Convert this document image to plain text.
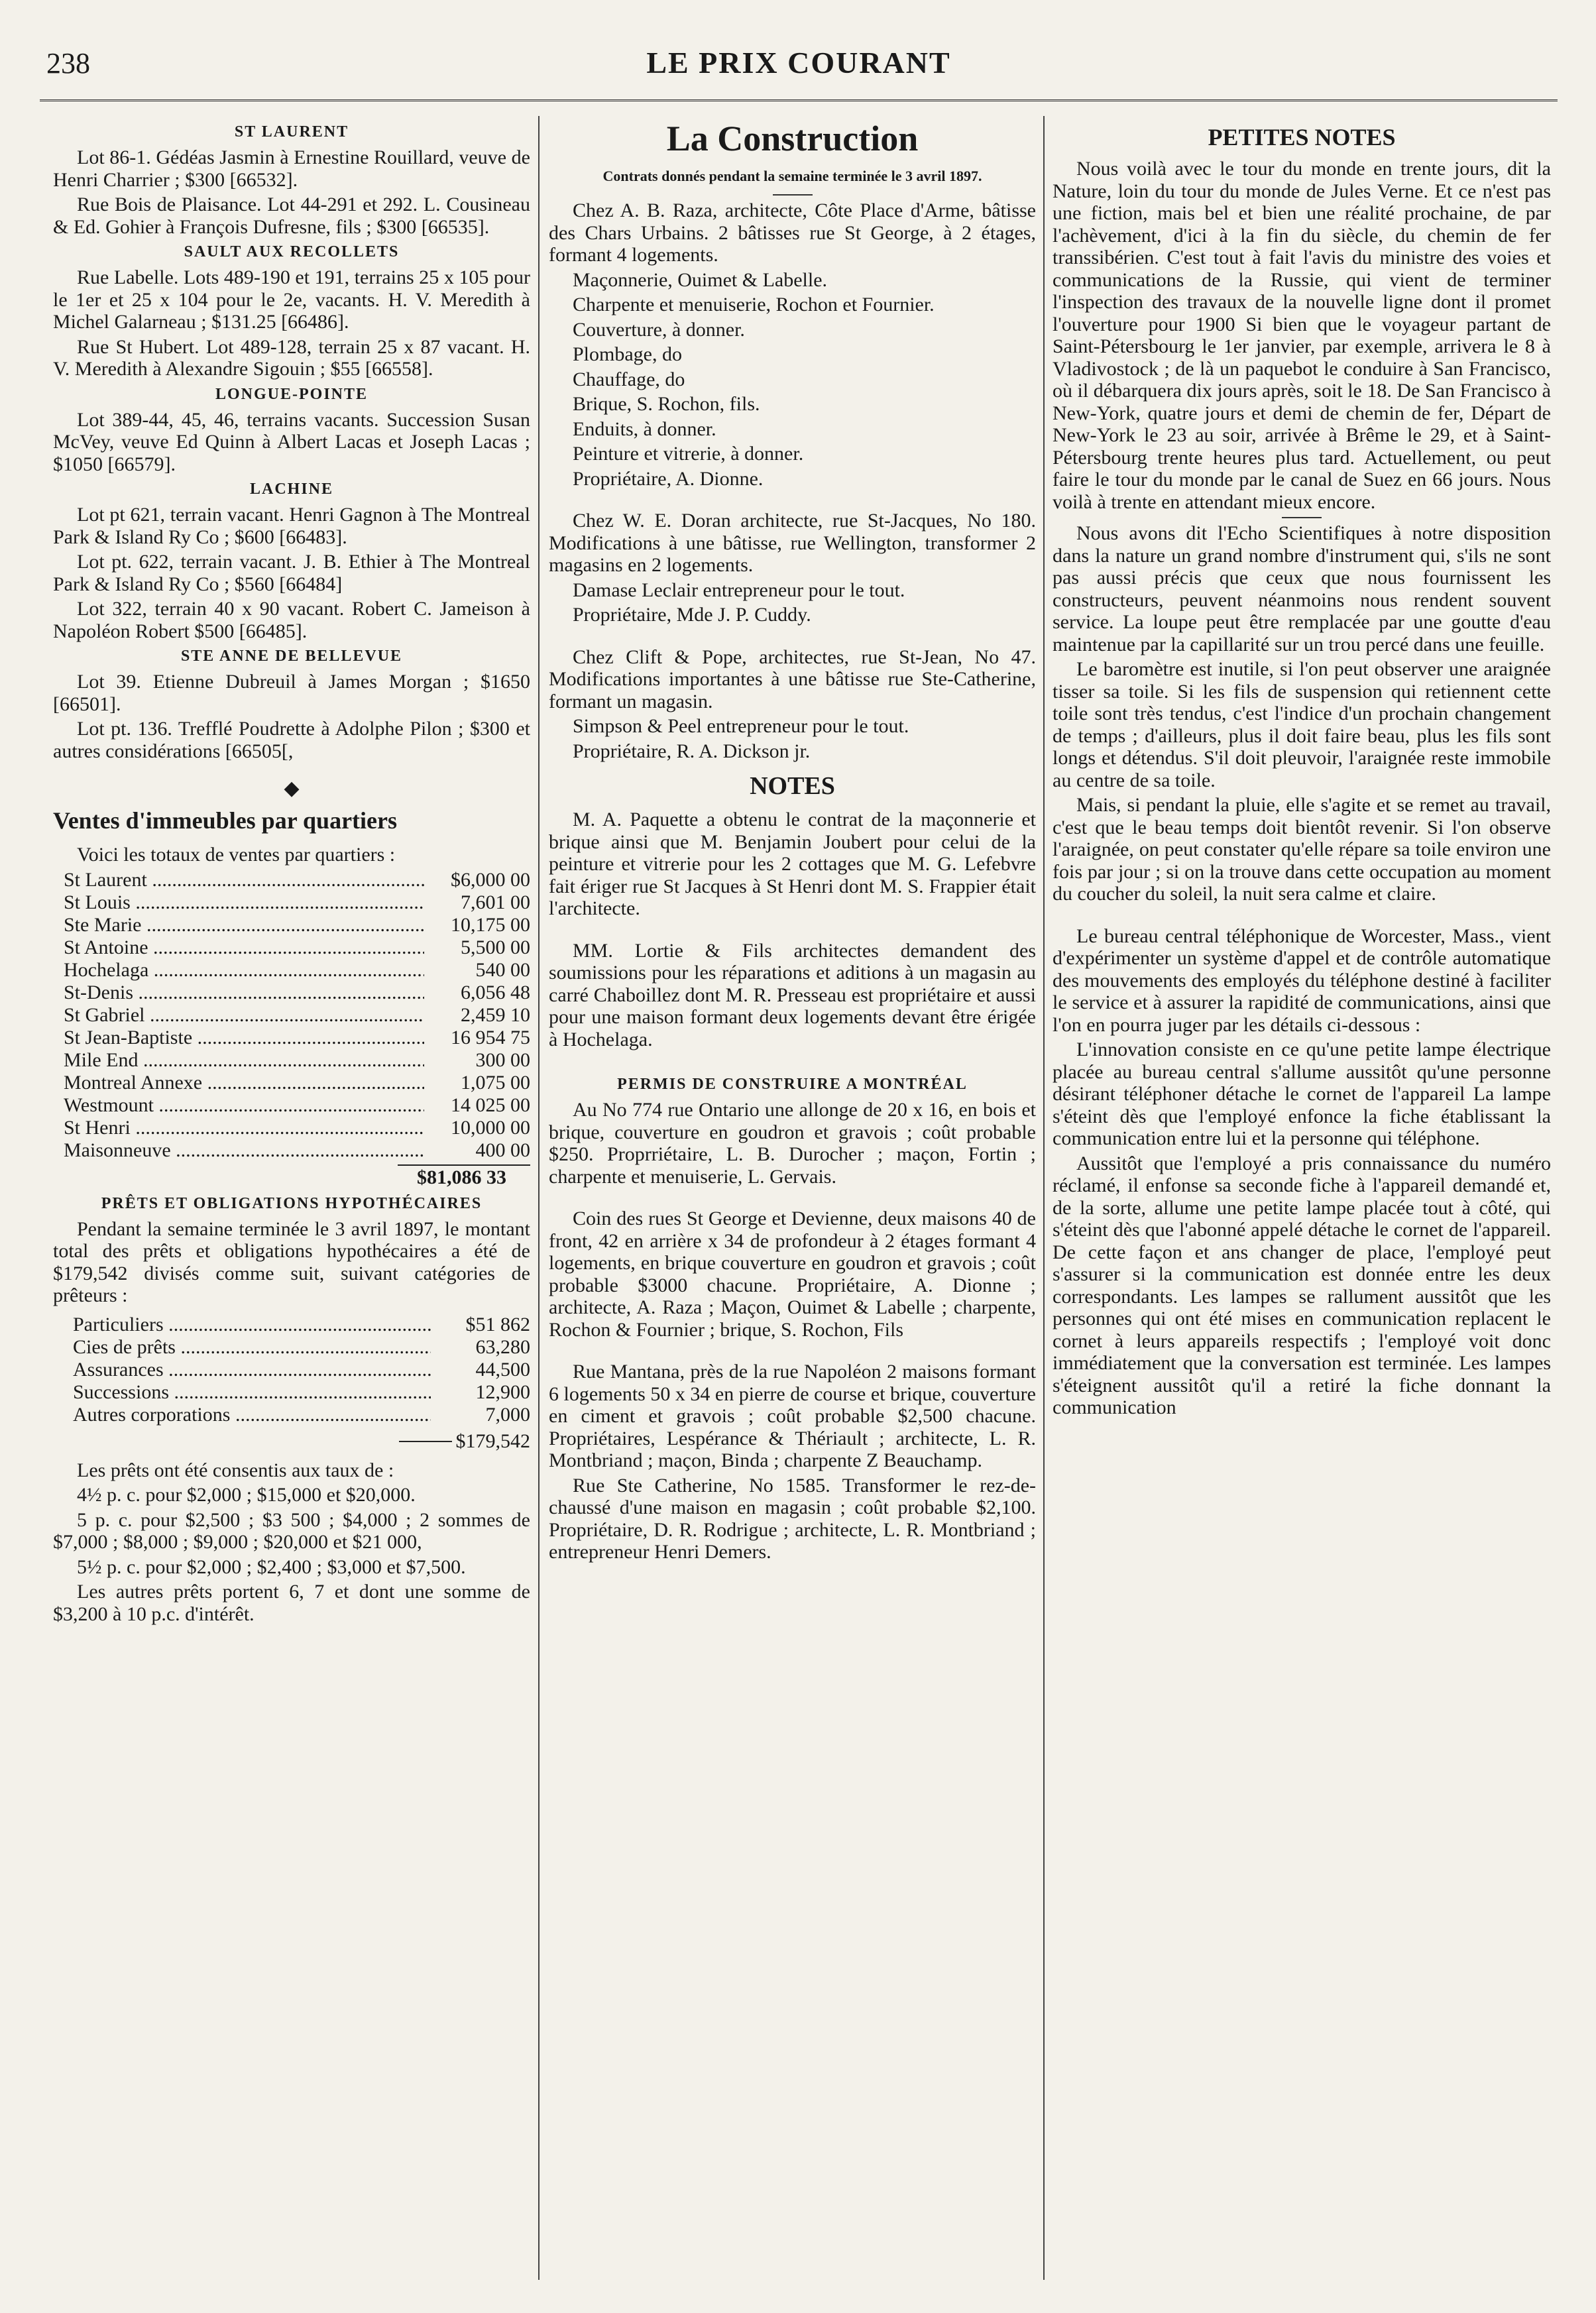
238	LE PRIX COURANT
ST LAURENT

Lot 86-1. Gédéas Jasmin à Ernestine Rouillard, veuve de Henri Charrier ; $300 [66532].

Rue Bois de Plaisance. Lot 44-291 et 292. L. Cousineau & Ed. Gohier à François Dufresne, fils ; $300 [66535].

SAULT AUX RECOLLETS

Rue Labelle. Lots 489-190 et 191, terrains 25 x 105 pour le 1er et 25 x 104 pour le 2e, vacants. H. V. Meredith à Michel Galarneau ; $131.25 [66486].

Rue St Hubert. Lot 489-128, terrain 25 x 87 vacant. H. V. Meredith à Alexandre Sigouin ; $55 [66558].

LONGUE-POINTE

Lot 389-44, 45, 46, terrains vacants. Succession Susan McVey, veuve Ed Quinn à Albert Lacas et Joseph Lacas ; $1050 [66579].

LACHINE

Lot pt 621, terrain vacant. Henri Gagnon à The Montreal Park & Island Ry Co ; $600 [66483].

Lot pt. 622, terrain vacant. J. B. Ethier à The Montreal Park & Island Ry Co ; $560 [66484]

Lot 322, terrain 40 x 90 vacant. Robert C. Jameison à Napoléon Robert $500 [66485].

STE ANNE DE BELLEVUE

Lot 39. Etienne Dubreuil à James Morgan ; $1650 [66501].

Lot pt. 136. Trefflé Poudrette à Adolphe Pilon ; $300 et autres considérations [66505[,

◆
Ventes d'immeubles par quartiers

Voici les totaux de ventes par quartiers :

St Laurent .....	$6,000 00
St Louis .....	7,601 00
Ste Marie .....	10,175 00
St Antoine .....	5,500 00
Hochelaga .....	540 00
St-Denis .....	6,056 48
St Gabriel .....	2,459 10
St Jean-Baptiste .....	16 954 75
Mile End .....	300 00
Montreal Annexe .....	1,075 00
Westmount .....	14 025 00
St Henri .....	10,000 00
Maisonneuve .....	400 00
$81,086 33
PRÊTS ET OBLIGATIONS HYPOTHÉCAIRES

Pendant la semaine terminée le 3 avril 1897, le montant total des prêts et obligations hypothécaires a été de $179,542 divisés comme suit, suivant catégories de prêteurs :

Particuliers .....	$51 862
Cies de prêts .....	63,280
Assurances .....	44,500
Successions .....	12,900
Autres corporations .....	7,000
$179,542

Les prêts ont été consentis aux taux de :

4½ p. c. pour $2,000 ; $15,000 et $20,000.

5 p. c. pour $2,500 ; $3 500 ; $4,000 ; 2 sommes de $7,000 ; $8,000 ; $9,000 ; $20,000 et $21 000,

5½ p. c. pour $2,000 ; $2,400 ; $3,000 et $7,500.

Les autres prêts portent 6, 7 et dont une somme de $3,200 à 10 p.c. d'intérêt.

La Construction
Contrats donnés pendant la semaine terminée le 3 avril 1897.

Chez A. B. Raza, architecte, Côte Place d'Arme, bâtisse des Chars Urbains. 2 bâtisses rue St George, à 2 étages, formant 4 logements.

Maçonnerie, Ouimet & Labelle.

Charpente et menuiserie, Rochon et Fournier.

Couverture, à donner.

Plombage, do

Chauffage, do

Brique, S. Rochon, fils.

Enduits, à donner.

Peinture et vitrerie, à donner.

Propriétaire, A. Dionne.

Chez W. E. Doran architecte, rue St-Jacques, No 180. Modifications à une bâtisse, rue Wellington, transformer 2 magasins en 2 logements.

Damase Leclair entrepreneur pour le tout.

Propriétaire, Mde J. P. Cuddy.

Chez Clift & Pope, architectes, rue St-Jean, No 47. Modifications importantes à une bâtisse rue Ste-Catherine, formant un magasin.

Simpson & Peel entrepreneur pour le tout.

Propriétaire, R. A. Dickson jr.

NOTES

M. A. Paquette a obtenu le contrat de la maçonnerie et brique ainsi que M. Benjamin Joubert pour celui de la peinture et vitrerie pour les 2 cottages que M. G. Lefebvre fait ériger rue St Jacques à St Henri dont M. S. Frappier était l'architecte.

MM. Lortie & Fils architectes demandent des soumissions pour les réparations et aditions à un magasin au carré Chaboillez dont M. R. Presseau est propriétaire et aussi pour une maison formant deux logements devant être érigée à Hochelaga.

PERMIS DE CONSTRUIRE A MONTRÉAL

Au No 774 rue Ontario une allonge de 20 x 16, en bois et brique, couverture en goudron et gravois ; coût probable $250. Proprriétaire, L. B. Durocher ; maçon, Fortin ; charpente et menuiserie, L. Gervais.

Coin des rues St George et Devienne, deux maisons 40 de front, 42 en arrière x 34 de profondeur à 2 étages formant 4 logements, en brique couverture en goudron et gravois ; coût probable $3000 chacune. Propriétaire, A. Dionne ; architecte, A. Raza ; Maçon, Ouimet & Labelle ; charpente, Rochon & Fournier ; brique, S. Rochon, Fils

Rue Mantana, près de la rue Napoléon 2 maisons formant 6 logements 50 x 34 en pierre de course et brique, couverture en ciment et gravois ; coût probable $2,500 chacune. Propriétaires, Lespérance & Thériault ; architecte, L. R. Montbriand ; maçon, Binda ; charpente Z Beauchamp.

Rue Ste Catherine, No 1585. Transformer le rez-de-chaussé d'une maison en magasin ; coût probable $2,100. Propriétaire, D. R. Rodrigue ; architecte, L. R. Montbriand ; entrepreneur Henri Demers.

PETITES NOTES

Nous voilà avec le tour du monde en trente jours, dit la Nature, loin du tour du monde de Jules Verne. Et ce n'est pas une fiction, mais bel et bien une réalité prochaine, de par l'achèvement, d'ici à la fin du siècle, du chemin de fer transsibérien. C'est tout à fait l'avis du ministre des voies et communications de la Russie, qui vient de terminer l'inspection des travaux de la nouvelle ligne dont il promet l'ouverture pour 1900 Si bien que le voyageur partant de Saint-Pétersbourg le 1er janvier, par exemple, arrivera le 8 à Vladivostock ; de là un paquebot le conduire à San Francisco, où il débarquera dix jours après, soit le 18. De San Francisco à New-York, quatre jours et demi de chemin de fer, Départ de New-York le 23 au soir, arrivée à Brême le 29, et à Saint-Pétersbourg trente heures plus tard. Actuellement, ou peut faire le tour du monde par le canal de Suez en 66 jours. Nous voilà à trente en attendant mieux encore.

Nous avons dit l'Echo Scientifiques à notre disposition dans la nature un grand nombre d'instrument qui, s'ils ne sont pas aussi précis que ceux que nous fournissent les constructeurs, peuvent néanmoins nous rendent souvent service. La loupe peut être remplacée par une goutte d'eau maintenue par la capillarité sur un trou percé dans une feuille.

Le baromètre est inutile, si l'on peut observer une araignée tisser sa toile. Si les fils de suspension qui retiennent cette toile sont très tendus, c'est l'indice d'un prochain changement de temps ; d'ailleurs, plus il doit faire beau, plus les fils sont longs et détendus. S'il doit pleuvoir, l'araignée reste immobile au centre de sa toile.

Mais, si pendant la pluie, elle s'agite et se remet au travail, c'est que le beau temps doit bientôt revenir. Si l'on observe l'araignée, on peut constater qu'elle répare sa toile environ une fois par jour ; si on la trouve dans cette occupation au moment du coucher du soleil, la nuit sera calme et claire.

Le bureau central téléphonique de Worcester, Mass., vient d'expérimenter un système d'appel et de contrôle automatique des mouvements des employés du téléphone destiné à faciliter le service et à assurer la rapidité de communications, ainsi que l'on en pourra juger par les détails ci-dessous :

L'innovation consiste en ce qu'une petite lampe électrique placée au bureau central s'allume aussitôt qu'une personne désirant téléphoner détache le cornet de l'appareil La lampe s'éteint dès que l'employé enfonce la fiche établissant la communication entre lui et la personne qui téléphone.

Aussitôt que l'employé a pris connaissance du numéro réclamé, il enfonse sa seconde fiche à l'appareil demandé et, de la sorte, allume une petite lampe placée tout à côté, qui s'éteint dès que l'abonné appelé détache le cornet de l'appareil. De cette façon et ans changer de place, l'employé peut s'assurer si la communication est donnée entre les deux correspondants. Les lampes se rallument aussitôt que les personnes qui ont été mises en communication replacent le cornet à leurs appareils respectifs ; l'employé voit donc immédiatement que la conversation est terminée. Les lampes s'éteignent aussitôt qu'il a retiré la fiche donnant la communication
